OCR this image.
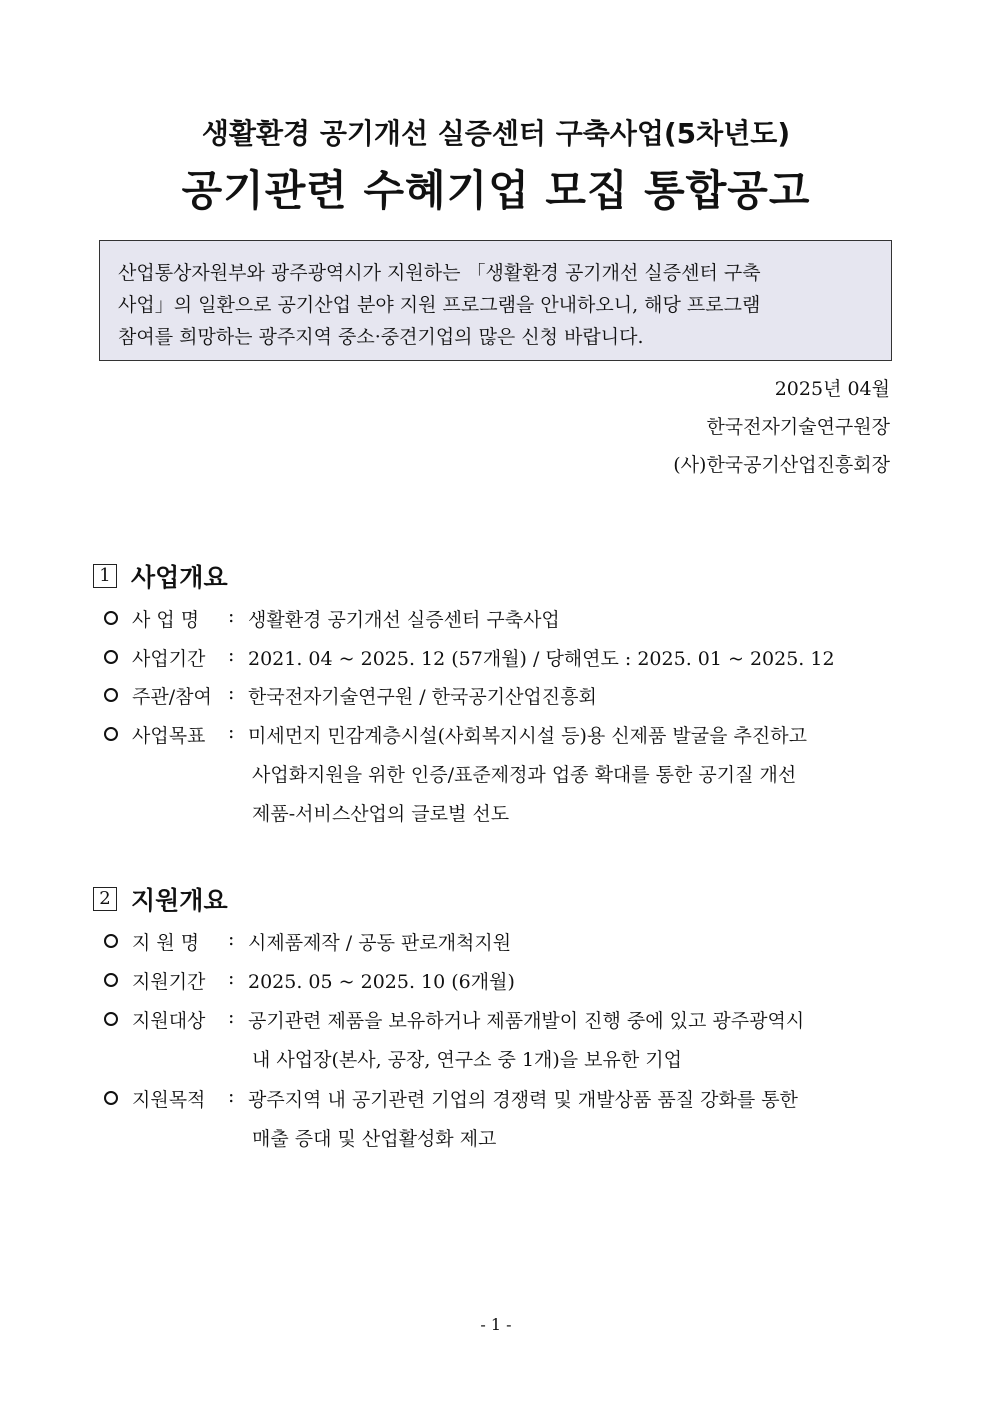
생활환경 공기개선 실증센터 구축사업(5차년도)
공기관련 수혜기업 모집 통합공고
산업통상자원부와 광주광역시가 지원하는 「생활환경 공기개선 실증센터 구축
사업」의 일환으로 공기산업 분야 지원 프로그램을 안내하오니, 해당 프로그램
참여를 희망하는 광주지역 중소·중견기업의 많은 신청 바랍니다.
2025년 04월
한국전자기술연구원장
(사)한국공기산업진흥회장
1 사업개요
사 업 명	: 생활환경 공기개선 실증센터 구축사업
사업기간	: 2021. 04 ~ 2025. 12 (57개월) / 당해연도 : 2025. 01 ~ 2025. 12
주관/참여 : 한국전자기술연구원 / 한국공기산업진흥회
사업목표	: 미세먼지 민감계층시설(사회복지시설 등)용 신제품 발굴을 추진하고
사업화지원을 위한 인증/표준제정과 업종 확대를 통한 공기질 개선
제품-서비스산업의 글로벌 선도
2 지원개요
지 원 명	: 시제품제작 / 공동 판로개척지원
지원기간	: 2025. 05 ~ 2025. 10 (6개월)
지원대상	: 공기관련 제품을 보유하거나 제품개발이 진행 중에 있고 광주광역시
내 사업장(본사, 공장, 연구소 중 1개)을 보유한 기업
지원목적	: 광주지역 내 공기관련 기업의 경쟁력 및 개발상품 품질 강화를 통한
매출 증대 및 산업활성화 제고
- 1 -
